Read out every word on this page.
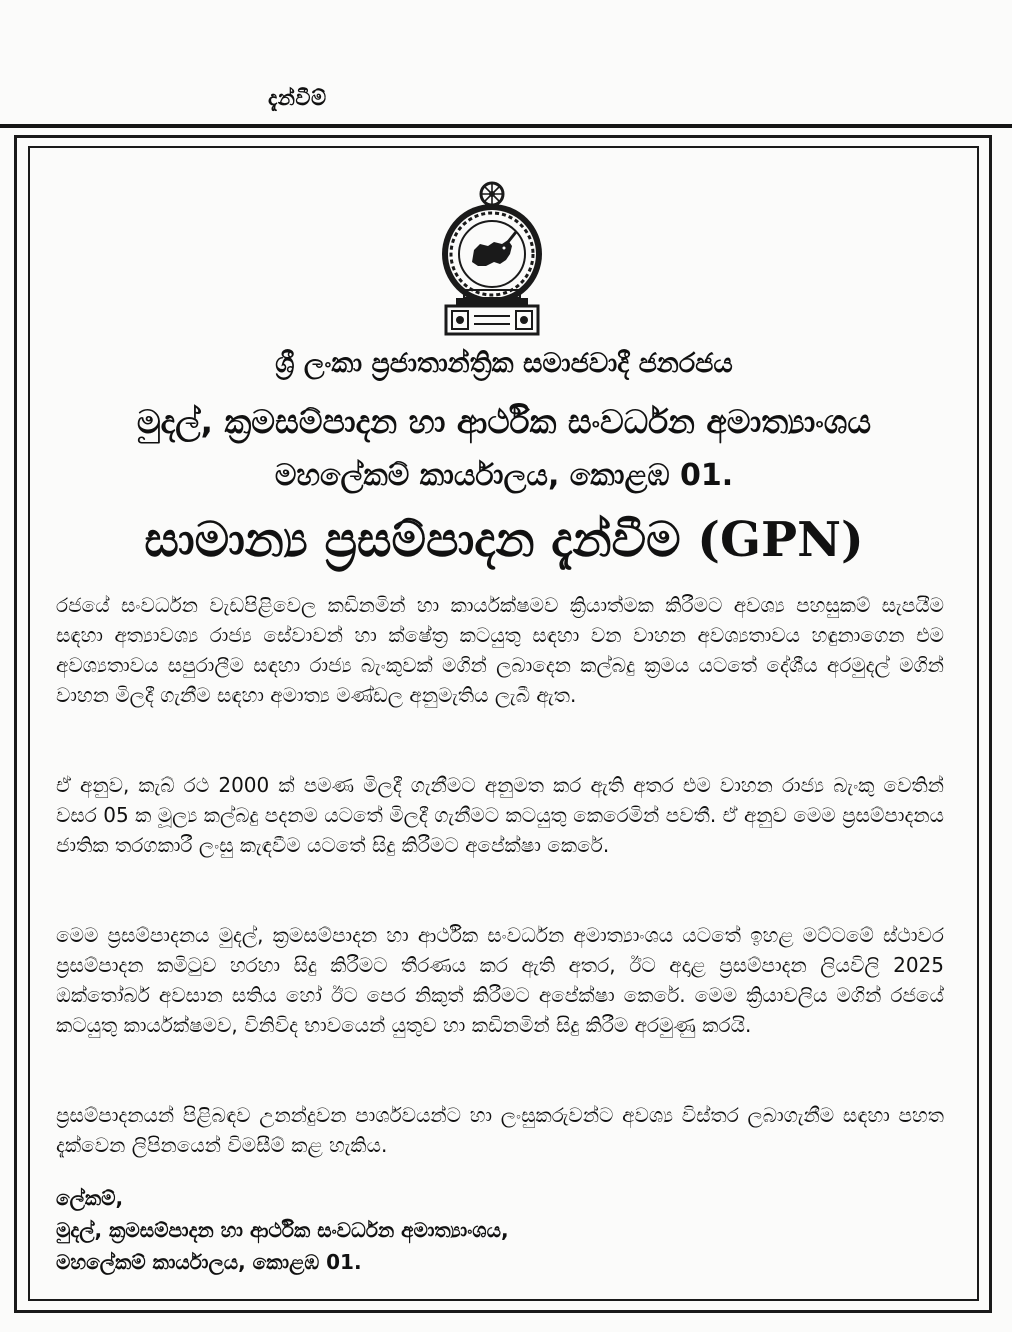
දැන්වීම්
ශ්‍රී ලංකා ප්‍රජාතාන්ත්‍රික සමාජවාදී ජනරජය
මුදල්, ක්‍රමසම්පාදන හා ආර්ථික සංවර්ධන අමාත්‍යාංශය
මහලේකම් කාර්යාලය, කොළඹ 01.
සාමාන්‍ය ප්‍රසම්පාදන දැන්වීම (GPN)
රජයේ සංවර්ධන වැඩපිළිවෙල කඩිනමින් හා කාර්යක්ෂමව ක්‍රියාත්මක කිරීමට අවශ්‍ය පහසුකම් සැපයීම සඳහා අත්‍යාවශ්‍ය රාජ්‍ය සේවාවන් හා ක්ෂේත්‍ර කටයුතු සඳහා වන වාහන අවශ්‍යතාවය හඳුනාගෙන එම අවශ්‍යතාවය සපුරාලීම සඳහා රාජ්‍ය බැංකුවක් මගින් ලබාදෙන කල්බදු ක්‍රමය යටතේ දේශීය අරමුදල් මගින් වාහන මිලදී ගැනීම සඳහා අමාත්‍ය මණ්ඩල අනුමැතිය ලැබී ඇත.
ඒ අනුව, කැබ් රථ 2000 ක් පමණ මිලදී ගැනීමට අනුමත කර ඇති අතර එම වාහන රාජ්‍ය බැංකු වෙතින් වසර 05 ක මූල්‍ය කල්බදු පදනම යටතේ මිලදී ගැනීමට කටයුතු කෙරෙමින් පවතී. ඒ අනුව මෙම ප්‍රසම්පාදනය ජාතික තරගකාරී ලංසු කැඳවීම යටතේ සිදු කිරීමට අපේක්ෂා කෙරේ.
මෙම ප්‍රසම්පාදනය මුදල්, ක්‍රමසම්පාදන හා ආර්ථික සංවර්ධන අමාත්‍යාංශය යටතේ ඉහළ මට්ටමේ ස්ථාවර ප්‍රසම්පාදන කමිටුව හරහා සිදු කිරීමට තීරණය කර ඇති අතර, ඊට අදාළ ප්‍රසම්පාදන ලියවිලි 2025 ඔක්තෝබර් අවසාන සතිය හෝ ඊට පෙර නිකුත් කිරීමට අපේක්ෂා කෙරේ. මෙම ක්‍රියාවලිය මගින් රජයේ කටයුතු කාර්යක්ෂමව, විනිවිද භාවයෙන් යුතුව හා කඩිනමින් සිදු කිරීම අරමුණු කරයි.
ප්‍රසම්පාදනයන් පිළිබඳව උනන්දුවන පාර්ශවයන්ට හා ලංසුකරුවන්ට අවශ්‍ය විස්තර ලබාගැනීම සඳහා පහත දැක්වෙන ලිපිනයෙන් විමසීම් කළ හැකිය.
ලේකම්,
මුදල්, ක්‍රමසම්පාදන හා ආර්ථික සංවර්ධන අමාත්‍යාංශය,
මහලේකම් කාර්යාලය, කොළඹ 01.
